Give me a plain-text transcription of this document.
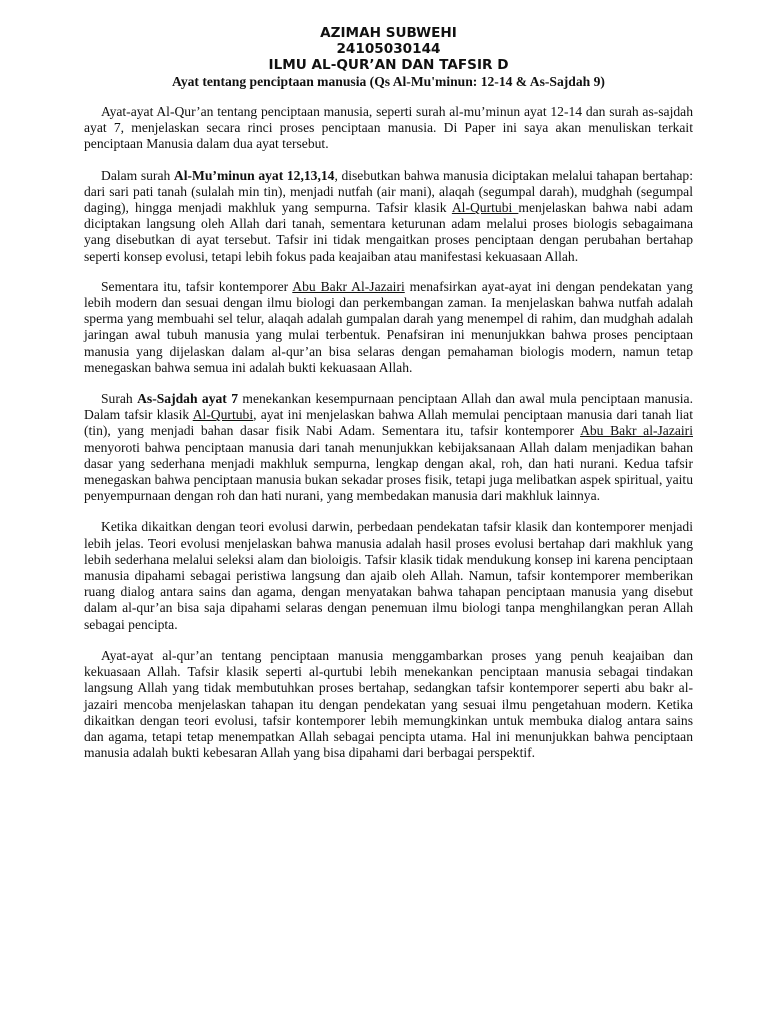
AZIMAH SUBWEHI
24105030144
ILMU AL-QUR’AN DAN TAFSIR D
Ayat tentang penciptaan manusia (Qs Al-Mu'minun: 12-14 & As-Sajdah 9)

Ayat-ayat Al-Qur’an tentang penciptaan manusia, seperti surah al-mu’minun ayat 12-14 dan surah as-sajdah ayat 7, menjelaskan secara rinci proses penciptaan manusia. Di Paper ini saya akan menuliskan terkait penciptaan Manusia dalam dua ayat tersebut.

Dalam surah Al-Mu’minun ayat 12,13,14, disebutkan bahwa manusia diciptakan melalui tahapan bertahap: dari sari pati tanah (sulalah min tin), menjadi nutfah (air mani), alaqah (segumpal darah), mudghah (segumpal daging), hingga menjadi makhluk yang sempurna. Tafsir klasik Al-Qurtubi menjelaskan bahwa nabi adam diciptakan langsung oleh Allah dari tanah, sementara keturunan adam melalui proses biologis sebagaimana yang disebutkan di ayat tersebut. Tafsir ini tidak mengaitkan proses penciptaan dengan perubahan bertahap seperti konsep evolusi, tetapi lebih fokus pada keajaiban atau manifestasi kekuasaan Allah.

Sementara itu, tafsir kontemporer Abu Bakr Al-Jazairi menafsirkan ayat-ayat ini dengan pendekatan yang lebih modern dan sesuai dengan ilmu biologi dan perkembangan zaman. Ia menjelaskan bahwa nutfah adalah sperma yang membuahi sel telur, alaqah adalah gumpalan darah yang menempel di rahim, dan mudghah adalah jaringan awal tubuh manusia yang mulai terbentuk. Penafsiran ini menunjukkan bahwa proses penciptaan manusia yang dijelaskan dalam al-qur’an bisa selaras dengan pemahaman biologis modern, namun tetap menegaskan bahwa semua ini adalah bukti kekuasaan Allah.

Surah As-Sajdah ayat 7 menekankan kesempurnaan penciptaan Allah dan awal mula penciptaan manusia. Dalam tafsir klasik Al-Qurtubi, ayat ini menjelaskan bahwa Allah memulai penciptaan manusia dari tanah liat (tin), yang menjadi bahan dasar fisik Nabi Adam. Sementara itu, tafsir kontemporer Abu Bakr al-Jazairi menyoroti bahwa penciptaan manusia dari tanah menunjukkan kebijaksanaan Allah dalam menjadikan bahan dasar yang sederhana menjadi makhluk sempurna, lengkap dengan akal, roh, dan hati nurani. Kedua tafsir menegaskan bahwa penciptaan manusia bukan sekadar proses fisik, tetapi juga melibatkan aspek spiritual, yaitu penyempurnaan dengan roh dan hati nurani, yang membedakan manusia dari makhluk lainnya.

Ketika dikaitkan dengan teori evolusi darwin, perbedaan pendekatan tafsir klasik dan kontemporer menjadi lebih jelas. Teori evolusi menjelaskan bahwa manusia adalah hasil proses evolusi bertahap dari makhluk yang lebih sederhana melalui seleksi alam dan bioloigis. Tafsir klasik tidak mendukung konsep ini karena penciptaan manusia dipahami sebagai peristiwa langsung dan ajaib oleh Allah. Namun, tafsir kontemporer memberikan ruang dialog antara sains dan agama, dengan menyatakan bahwa tahapan penciptaan manusia yang disebut dalam al-qur’an bisa saja dipahami selaras dengan penemuan ilmu biologi tanpa menghilangkan peran Allah sebagai pencipta.

Ayat-ayat al-qur’an tentang penciptaan manusia menggambarkan proses yang penuh keajaiban dan kekuasaan Allah. Tafsir klasik seperti al-qurtubi lebih menekankan penciptaan manusia sebagai tindakan langsung Allah yang tidak membutuhkan proses bertahap, sedangkan tafsir kontemporer seperti abu bakr al-jazairi mencoba menjelaskan tahapan itu dengan pendekatan yang sesuai ilmu pengetahuan modern. Ketika dikaitkan dengan teori evolusi, tafsir kontemporer lebih memungkinkan untuk membuka dialog antara sains dan agama, tetapi tetap menempatkan Allah sebagai pencipta utama. Hal ini menunjukkan bahwa penciptaan manusia adalah bukti kebesaran Allah yang bisa dipahami dari berbagai perspektif.
